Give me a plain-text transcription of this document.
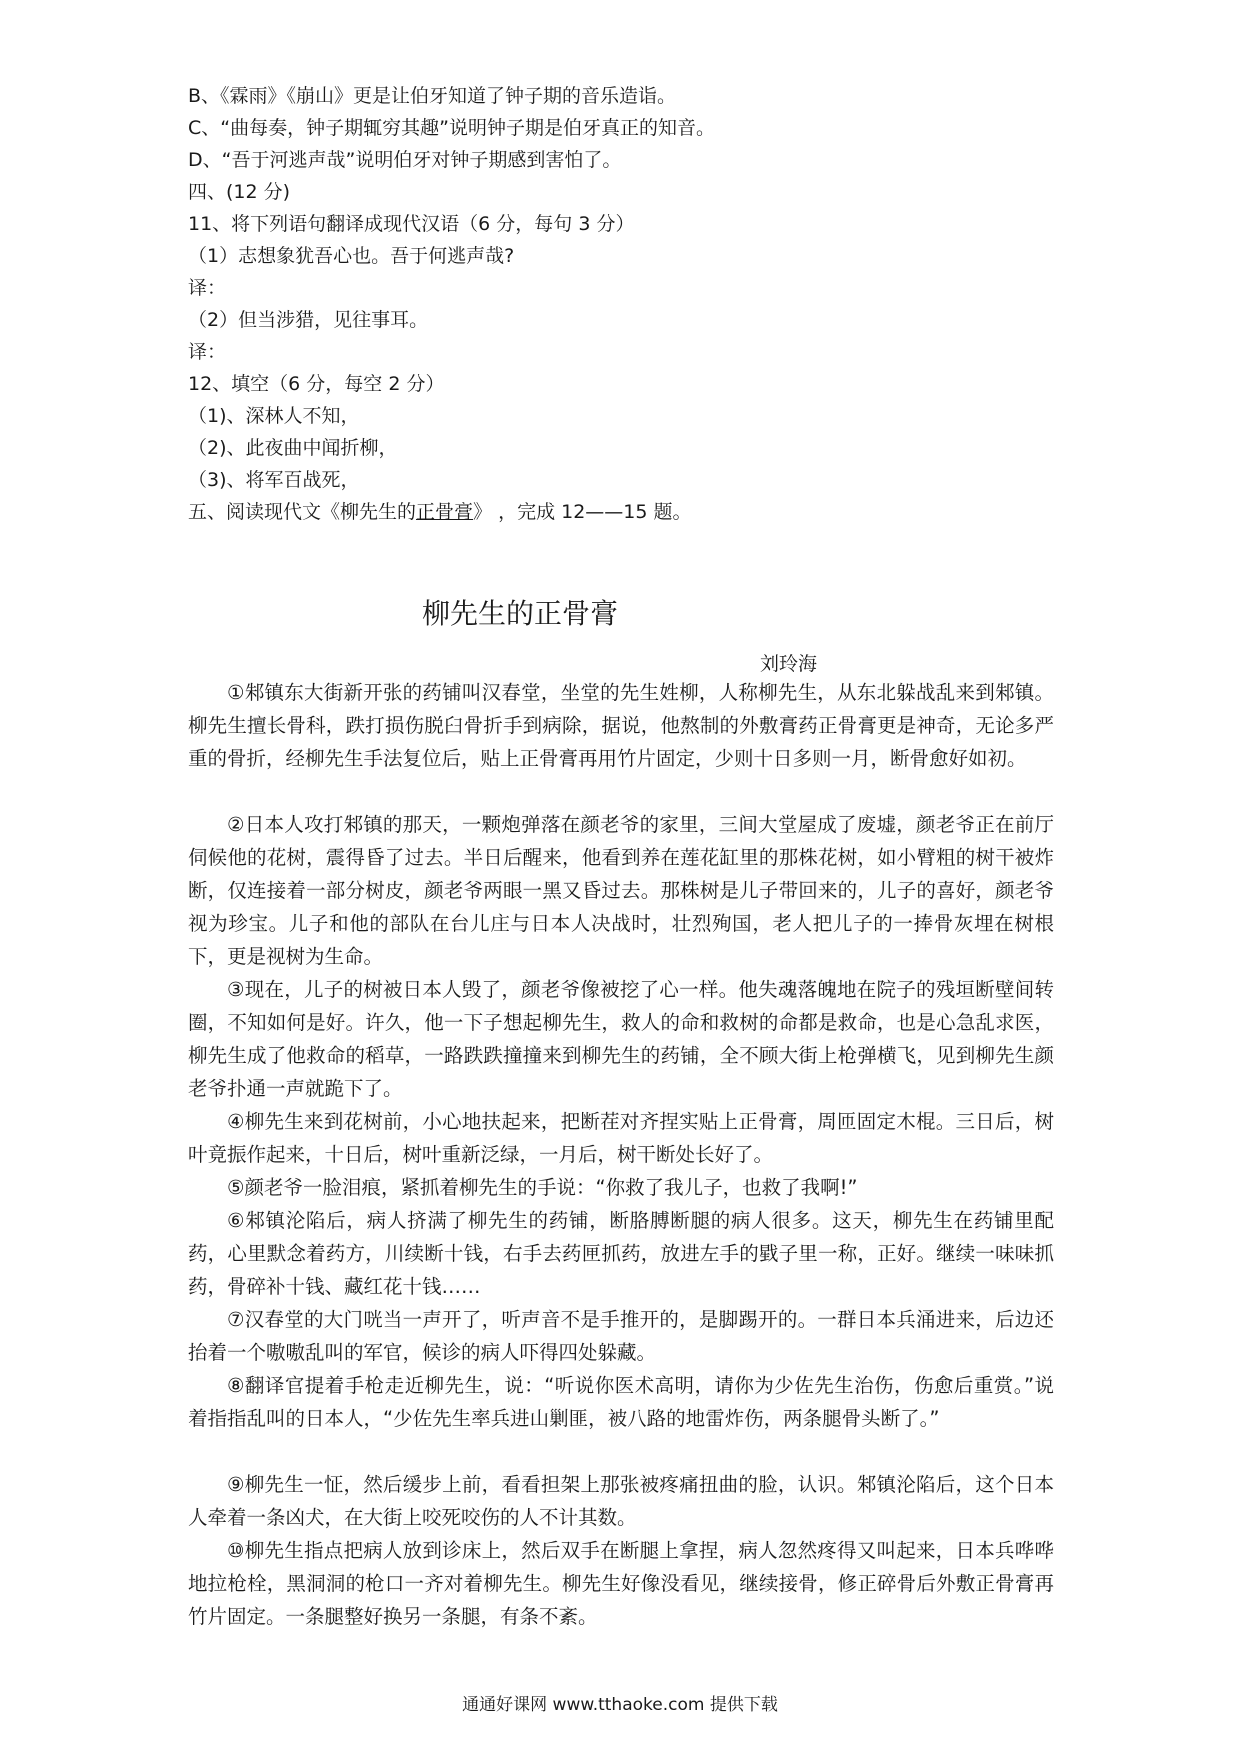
B、《霖雨》《崩山》更是让伯牙知道了钟子期的音乐造诣。
C、“曲每奏，钟子期辄穷其趣”说明钟子期是伯牙真正的知音。
D、“吾于河逃声哉”说明伯牙对钟子期感到害怕了。
四、(12 分)
11、将下列语句翻译成现代汉语（6 分，每句 3 分）
（1）志想象犹吾心也。吾于何逃声哉?
译：
（2）但当涉猎，见往事耳。
译：
12、填空（6 分，每空 2 分）
（1)、深林人不知，
（2)、此夜曲中闻折柳，
（3)、将军百战死，
五、阅读现代文《柳先生的正骨膏》 ，完成 12——15 题。
柳先生的正骨膏
刘玲海
①邾镇东大街新开张的药铺叫汉春堂，坐堂的先生姓柳，人称柳先生，从东北躲战乱来到邾镇。柳先生擅长骨科，跌打损伤脱臼骨折手到病除，据说，他熬制的外敷膏药正骨膏更是神奇，无论多严重的骨折，经柳先生手法复位后，贴上正骨膏再用竹片固定，少则十日多则一月，断骨愈好如初。
②日本人攻打邾镇的那天，一颗炮弹落在颜老爷的家里，三间大堂屋成了废墟，颜老爷正在前厅伺候他的花树，震得昏了过去。半日后醒来，他看到养在莲花缸里的那株花树，如小臂粗的树干被炸断，仅连接着一部分树皮，颜老爷两眼一黑又昏过去。那株树是儿子带回来的，儿子的喜好，颜老爷视为珍宝。儿子和他的部队在台儿庄与日本人决战时，壮烈殉国，老人把儿子的一捧骨灰埋在树根下，更是视树为生命。
③现在，儿子的树被日本人毁了，颜老爷像被挖了心一样。他失魂落魄地在院子的残垣断壁间转圈，不知如何是好。许久，他一下子想起柳先生，救人的命和救树的命都是救命，也是心急乱求医，柳先生成了他救命的稻草，一路跌跌撞撞来到柳先生的药铺，全不顾大街上枪弹横飞，见到柳先生颜老爷扑通一声就跪下了。
④柳先生来到花树前，小心地扶起来，把断茬对齐捏实贴上正骨膏，周匝固定木棍。三日后，树叶竟振作起来，十日后，树叶重新泛绿，一月后，树干断处长好了。
⑤颜老爷一脸泪痕，紧抓着柳先生的手说：“你救了我儿子，也救了我啊!”
⑥邾镇沦陷后，病人挤满了柳先生的药铺，断胳膊断腿的病人很多。这天，柳先生在药铺里配药，心里默念着药方，川续断十钱，右手去药匣抓药，放进左手的戥子里一称，正好。继续一味味抓药，骨碎补十钱、藏红花十钱……
⑦汉春堂的大门咣当一声开了，听声音不是手推开的，是脚踢开的。一群日本兵涌进来，后边还抬着一个嗷嗷乱叫的军官，候诊的病人吓得四处躲藏。
⑧翻译官提着手枪走近柳先生，说：“听说你医术高明，请你为少佐先生治伤，伤愈后重赏。”说着指指乱叫的日本人，“少佐先生率兵进山剿匪，被八路的地雷炸伤，两条腿骨头断了。”
⑨柳先生一怔，然后缓步上前，看看担架上那张被疼痛扭曲的脸，认识。邾镇沦陷后，这个日本人牵着一条凶犬，在大街上咬死咬伤的人不计其数。
⑩柳先生指点把病人放到诊床上，然后双手在断腿上拿捏，病人忽然疼得又叫起来，日本兵哗哗地拉枪栓，黑洞洞的枪口一齐对着柳先生。柳先生好像没看见，继续接骨，修正碎骨后外敷正骨膏再竹片固定。一条腿整好换另一条腿，有条不紊。
通通好课网 www.tthaoke.com 提供下载
